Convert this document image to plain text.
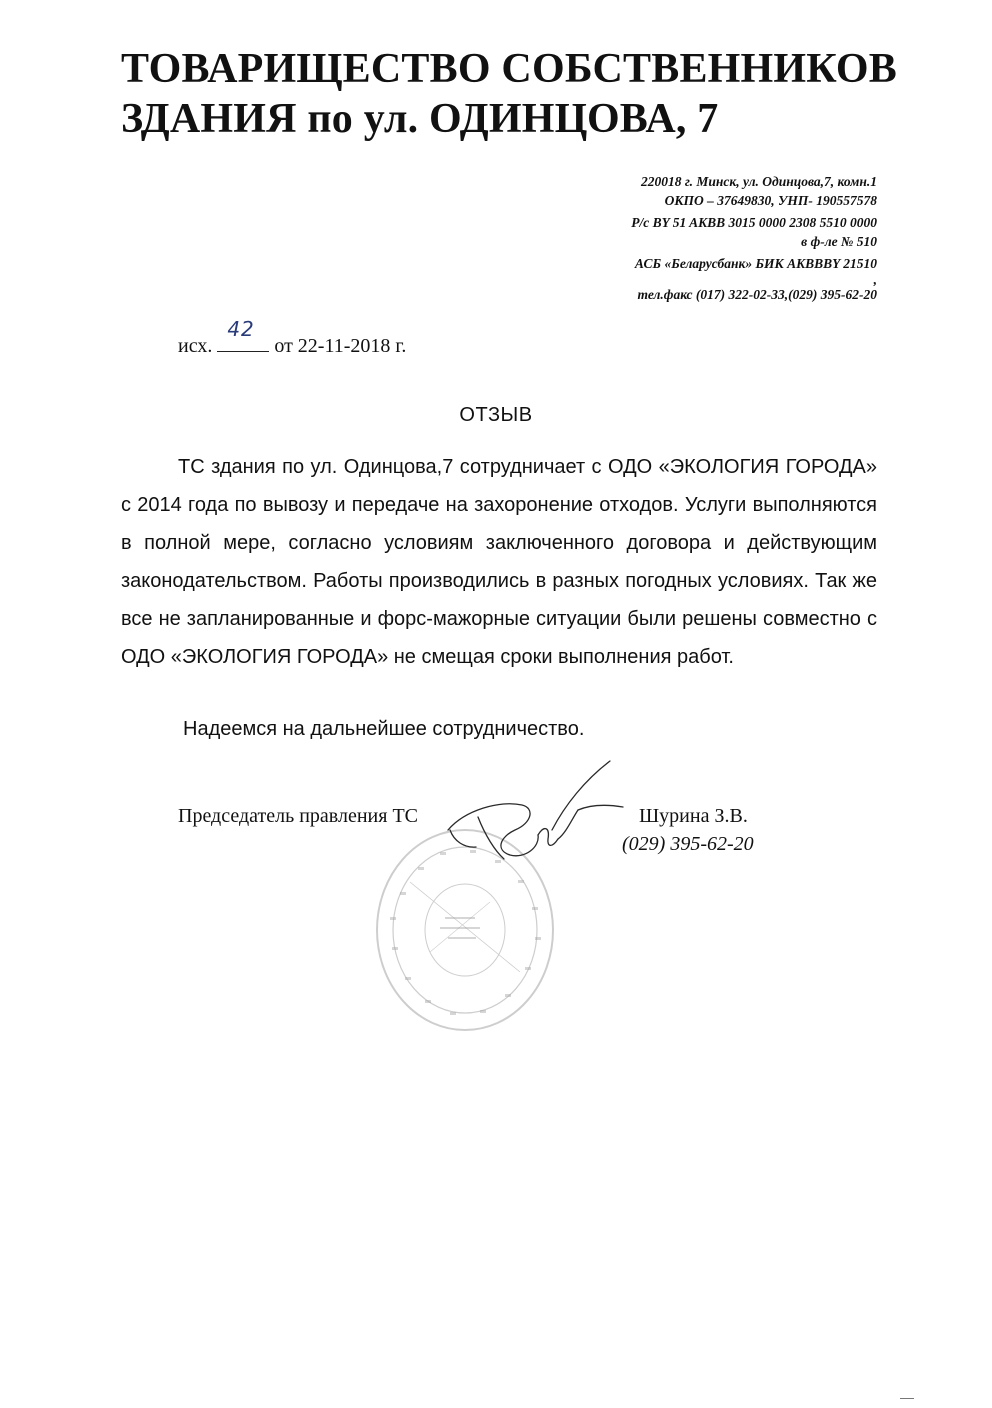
ТОВАРИЩЕСТВО СОБСТВЕННИКОВ
ЗДАНИЯ по ул. ОДИНЦОВА, 7
220018 г. Минск, ул. Одинцова,7, комн.1
ОКПО – 37649830, УНП- 190557578
Р/с BY 51 AKBB 3015 0000 2308 5510 0000
в ф-ле № 510
АСБ «Беларусбанк» БИК AKBBBY 21510
,
тел.факс (017) 322-02-33,(029) 395-62-20
исх.
42
от 22-11-2018 г.
ОТЗЫВ

ТС здания по ул. Одинцова,7 сотрудничает с ОДО «ЭКОЛОГИЯ ГОРОДА» с 2014 года по вывозу и передаче на захоронение отходов. Услуги выполняются в полной мере, согласно условиям заключенного договора и действующим законодательством. Работы производились в разных погодных условиях. Так же все не запланированные и форс-мажорные ситуации были решены совместно с ОДО «ЭКОЛОГИЯ ГОРОДА» не смещая сроки выполнения работ.

Надеемся на дальнейшее сотрудничество.
Председатель правления ТС	Шурина З.В.
(029) 395-62-20
